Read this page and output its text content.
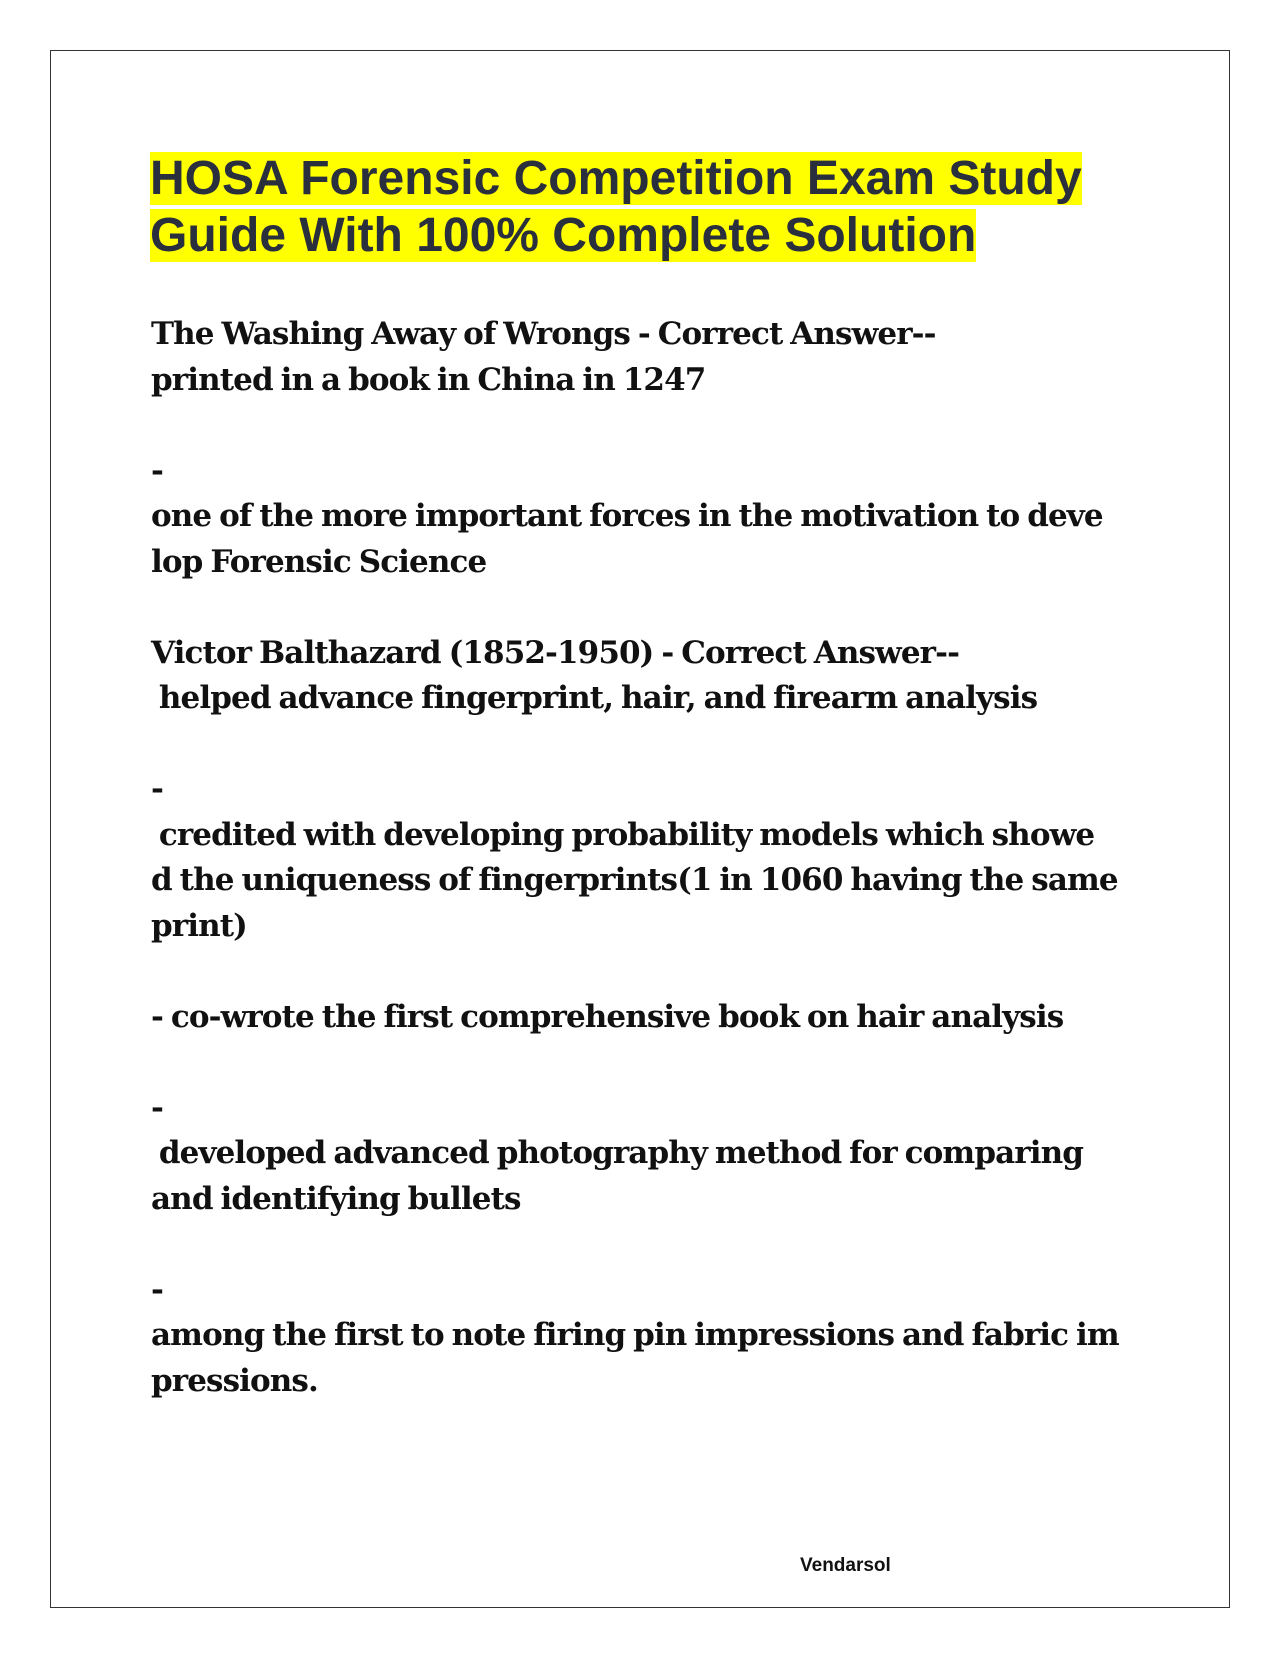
HOSA Forensic Competition Exam Study
Guide With 100% Complete Solution
The Washing Away of Wrongs - Correct Answer--
printed in a book in China in 1247
-
one of the more important forces in the motivation to deve
lop Forensic Science
Victor Balthazard (1852-1950) - Correct Answer--
helped advance fingerprint, hair, and firearm analysis
-
credited with developing probability models which showe
d the uniqueness of fingerprints(1 in 1060 having the same
print)
- co-wrote the first comprehensive book on hair analysis
-
developed advanced photography method for comparing
and identifying bullets
-
among the first to note firing pin impressions and fabric im
pressions.
Vendarsol
